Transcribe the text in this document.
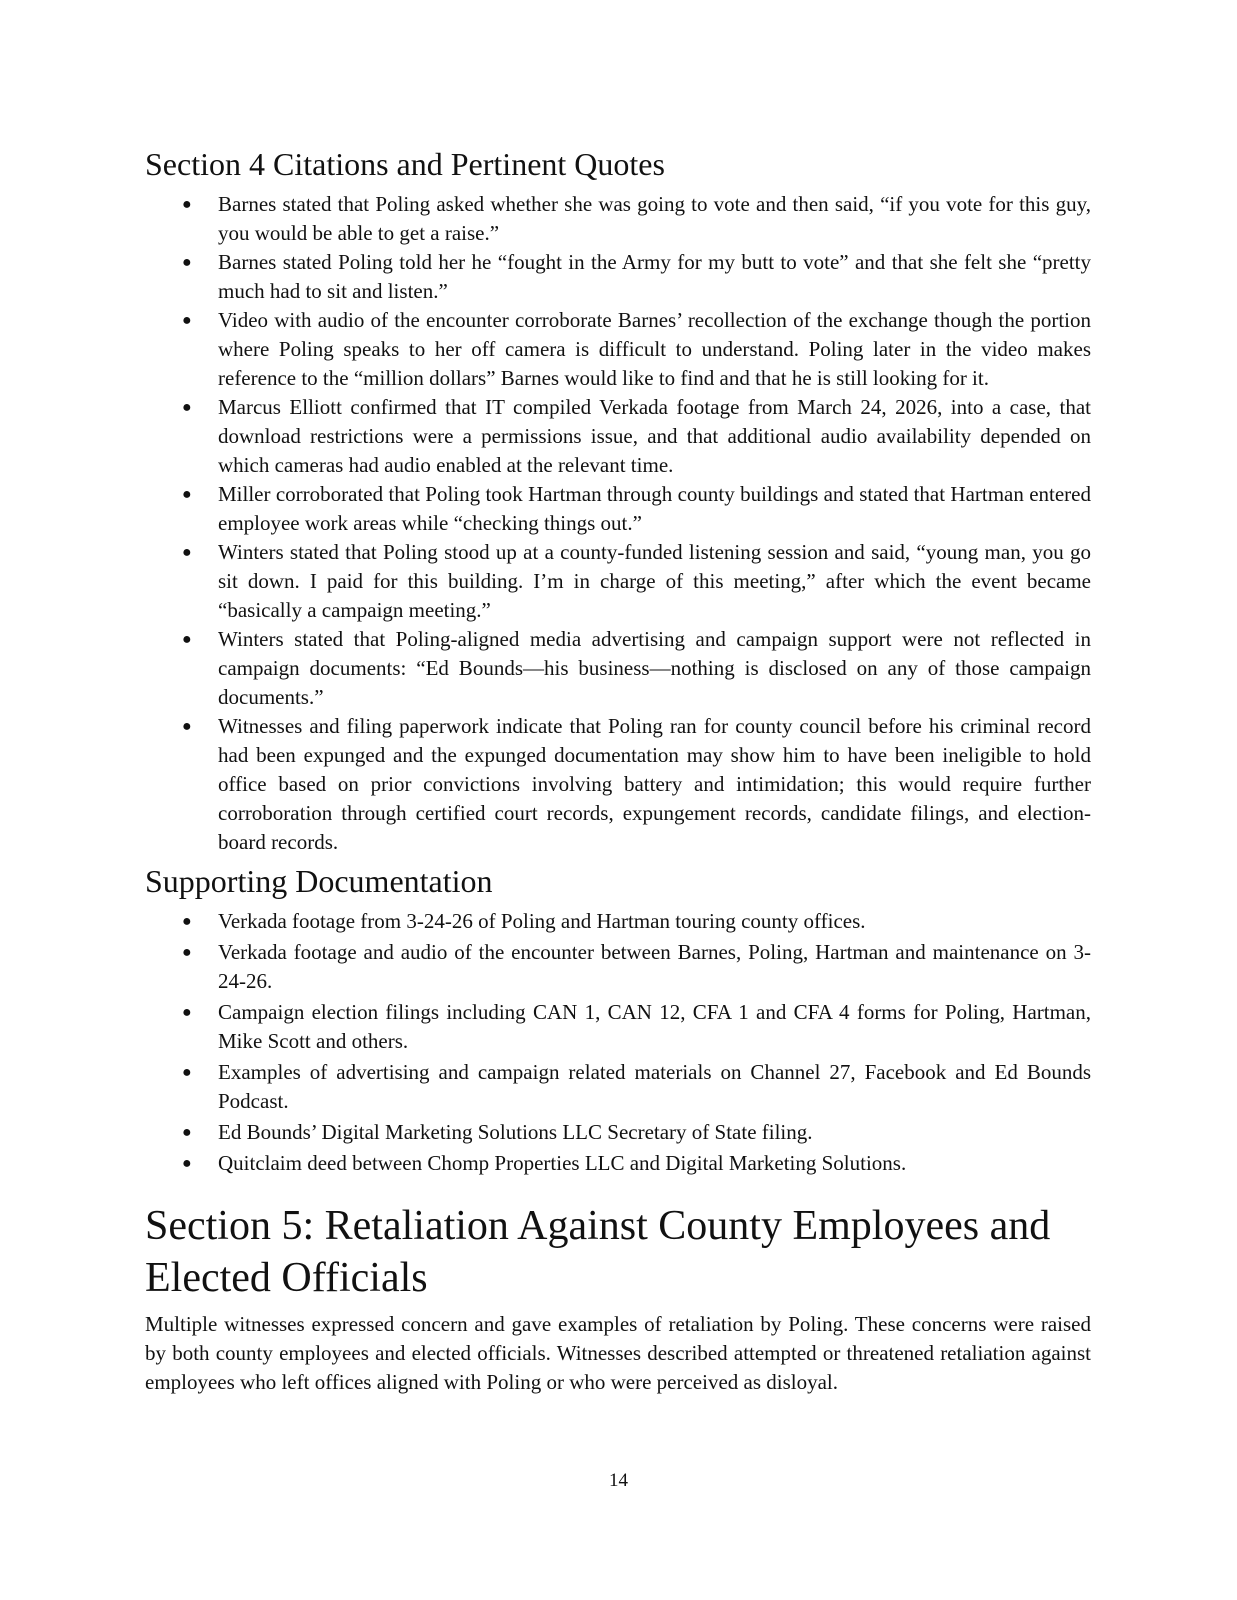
Section 4 Citations and Pertinent Quotes
● Barnes stated that Poling asked whether she was going to vote and then said, “if you vote for this guy, you would be able to get a raise.”
● Barnes stated Poling told her he “fought in the Army for my butt to vote” and that she felt she “pretty much had to sit and listen.”
● Video with audio of the encounter corroborate Barnes’ recollection of the exchange though the portion where Poling speaks to her off camera is difficult to understand. Poling later in the video makes reference to the “million dollars” Barnes would like to find and that he is still looking for it.
● Marcus Elliott confirmed that IT compiled Verkada footage from March 24, 2026, into a case, that download restrictions were a permissions issue, and that additional audio availability depended on which cameras had audio enabled at the relevant time.
● Miller corroborated that Poling took Hartman through county buildings and stated that Hartman entered employee work areas while “checking things out.”
● Winters stated that Poling stood up at a county-funded listening session and said, “young man, you go sit down. I paid for this building. I’m in charge of this meeting,” after which the event became “basically a campaign meeting.”
● Winters stated that Poling-aligned media advertising and campaign support were not reflected in campaign documents: “Ed Bounds—his business—nothing is disclosed on any of those campaign documents.”
● Witnesses and filing paperwork indicate that Poling ran for county council before his criminal record had been expunged and the expunged documentation may show him to have been ineligible to hold office based on prior convictions involving battery and intimidation; this would require further corroboration through certified court records, expungement records, candidate filings, and election-board records.
Supporting Documentation
● Verkada footage from 3-24-26 of Poling and Hartman touring county offices.
● Verkada footage and audio of the encounter between Barnes, Poling, Hartman and maintenance on 3-24-26.
● Campaign election filings including CAN 1, CAN 12, CFA 1 and CFA 4 forms for Poling, Hartman, Mike Scott and others.
● Examples of advertising and campaign related materials on Channel 27, Facebook and Ed Bounds Podcast.
● Ed Bounds’ Digital Marketing Solutions LLC Secretary of State filing.
● Quitclaim deed between Chomp Properties LLC and Digital Marketing Solutions.
Section 5: Retaliation Against County Employees and Elected Officials

Multiple witnesses expressed concern and gave examples of retaliation by Poling. These concerns were raised by both county employees and elected officials. Witnesses described attempted or threatened retaliation against employees who left offices aligned with Poling or who were perceived as disloyal.

14
